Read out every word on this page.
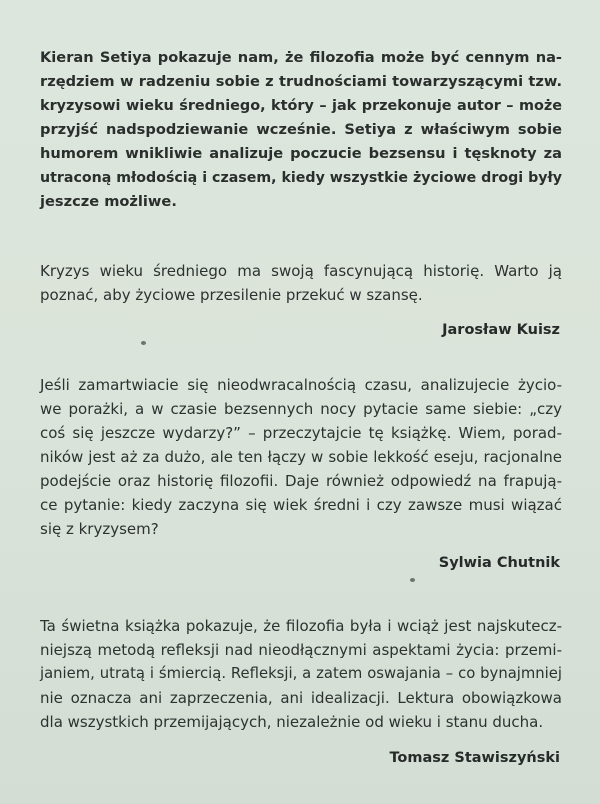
Kieran Setiya pokazuje nam, że filozofia może być cennym na-
rzędziem w radzeniu sobie z trudnościami towarzyszącymi tzw.
kryzysowi wieku średniego, który – jak przekonuje autor – może
przyjść nadspodziewanie wcześnie. Setiya z właściwym sobie
humorem wnikliwie analizuje poczucie bezsensu i tęsknoty za
utraconą młodością i czasem, kiedy wszystkie życiowe drogi były
jeszcze możliwe.
Kryzys wieku średniego ma swoją fascynującą historię. Warto ją
poznać, aby życiowe przesilenie przekuć w szansę.
Jarosław Kuisz
Jeśli zamartwiacie się nieodwracalnością czasu, analizujecie życio-
we porażki, a w czasie bezsennych nocy pytacie same siebie: „czy
coś się jeszcze wydarzy?” – przeczytajcie tę książkę. Wiem, porad-
ników jest aż za dużo, ale ten łączy w sobie lekkość eseju, racjonalne
podejście oraz historię filozofii. Daje również odpowiedź na frapują-
ce pytanie: kiedy zaczyna się wiek średni i czy zawsze musi wiązać
się z kryzysem?
Sylwia Chutnik
Ta świetna książka pokazuje, że filozofia była i wciąż jest najskutecz-
niejszą metodą refleksji nad nieodłącznymi aspektami życia: przemi-
janiem, utratą i śmiercią. Refleksji, a zatem oswajania – co bynajmniej
nie oznacza ani zaprzeczenia, ani idealizacji. Lektura obowiązkowa
dla wszystkich przemijających, niezależnie od wieku i stanu ducha.
Tomasz Stawiszyński
